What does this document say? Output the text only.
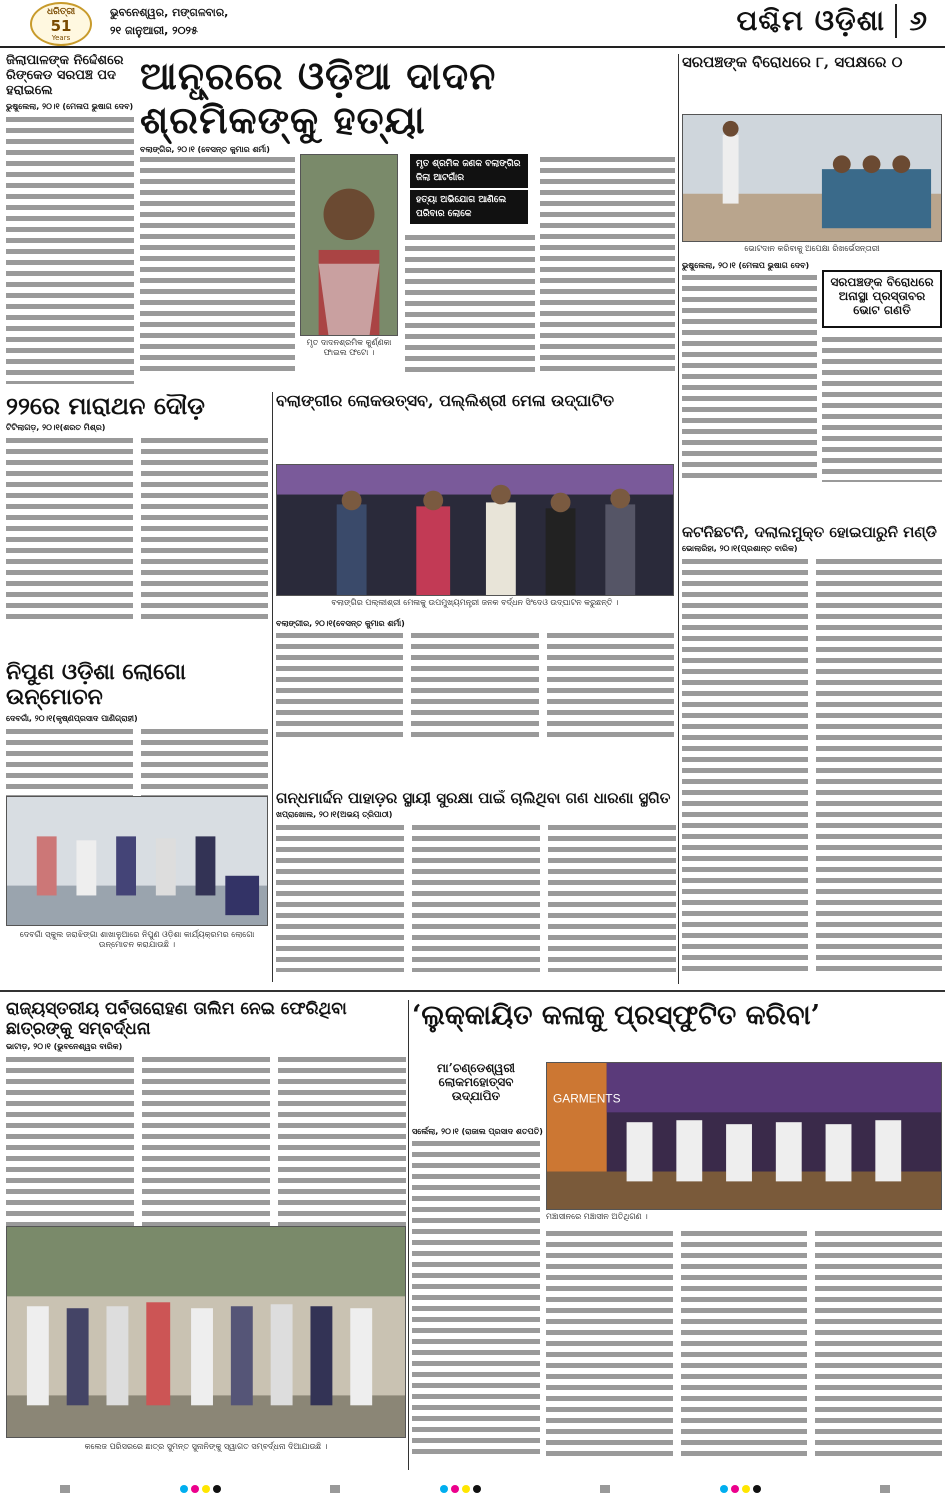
ଧରିତ୍ରୀ
51
Years
ଭୁବନେଶ୍ୱର, ମଙ୍ଗଳବାର,
୨୧ ଜାନୁଆରୀ, ୨୦୨୫	ପଶ୍ଚିମ ଓଡ଼ିଶା ୬
ଜିଲାପାଳଙ୍କ ନିର୍ଦ୍ଦେଶରେ ରିଙ୍କେଡ ସରପଞ୍ଚ ପଦ ହରାଇଲେ
ଭୁଷୁଲେଲା, ୨୦।୧ (ମେଳାପ ଭୁଷାଗ ଦେବ)
ଆନ୍ଧ୍ରରେ ଓଡ଼ିଆ ଦାଦନ ଶ୍ରମିକଙ୍କୁ ହତ୍ୟା
ବଲାଙ୍ଗିର, ୨୦।୧ (ବେସନ୍ତ କୁମାର ଶର୍ମା)
ମୃତ ଦାଦନଶ୍ରମିକ କୁର୍ଣ୍ଣକା ଫାଇଲ ଫଟୋ ।
ମୃତ ଶ୍ରମିକ ଜଣକ ବଲାଙ୍ଗିର ଜିଲା ଆଟଗାଁର
ହତ୍ୟା ଅଭିଯୋଗ ଆଣିଲେ ପରିବାର ଲୋକେ
ସରପଞ୍ଚଙ୍କ ବିରୋଧରେ ୮, ସପକ୍ଷରେ ୦
ଭୋଟଦାନ କରିବାକୁ ଅପେକ୍ଷା ରିଖର୍ଭେସନ୍ତାରୀ
ଭୁଷୁଲେଲା, ୨୦।୧ (ମେଳାପ ଭୁଷାଗ ଦେବ)
ସରପଞ୍ଚଙ୍କ ବିରୋଧରେ ଅନାସ୍ଥା ପ୍ରସ୍ତାବର ଭୋଟ ଗଣତି
୨୨ରେ ମାରାଥନ ଦୌଡ଼
ଟିଟିଲାଗଡ଼, ୨୦।୧(ଶରତ ମିଶ୍ର)
ବଲାଙ୍ଗୀର ଲୋକଉତ୍ସବ, ପଲ୍ଲିଶ୍ରୀ ମେଳା ଉଦ୍‌ଘାଟିତ
ବଲାଙ୍ଗିର ପଲ୍ଲୀଶ୍ରୀ ମେଳାକୁ ଉପମୁଖ୍ୟମନ୍ତ୍ରୀ ଜନକ ବର୍ଦ୍ଧନ ସିଂଦେଓ ଉଦ୍‌ଘାଟନ କରୁଛନ୍ତି ।
ବଲାଙ୍ଗୀର, ୨୦।୧(ବେସନ୍ତ କୁମାର ଶର୍ମା)
କଟନିଛଟନି, ଦଲାଲମୁକ୍ତ ହୋଇପାରୁନି ମଣ୍ଡି
ଭୋଲାରିହା, ୨୦।୧(ପ୍ରଶାନ୍ତ ବାରିକ)
ନିପୁଣ ଓଡ଼ିଶା ଲୋଗୋ ଉନ୍ମୋଚନ
ଦେବଗାଁ, ୨୦।୧(କୃଷ୍ଣପ୍ରସାଦ ପାଣିଗ୍ରାହୀ)
ଦେବଗାଁ ସ୍କୁଲ ଜରାଝିଙ୍ଗା ଶାଖାଳୁଆରେ ନିପୁଣ ଓଡ଼ିଶା କାର୍ଯ୍ୟକ୍ରମର ଲୋଗୋ ଉନ୍ମୋଚନ କରାଯାଉଛି ।
ଗନ୍ଧମାର୍ଦ୍ଦନ ପାହାଡ଼ର ସ୍ଥାୟୀ ସୁରକ୍ଷା ପାଇଁ ଚାଲିଥିବା ଗଣ ଧାରଣା ସ୍ଥଗିତ
ଖପ୍ରାଖୋଲ, ୨୦।୧(ଅଭୟ ତ୍ରିପାଠୀ)
ରାଜ୍ୟସ୍ତରୀୟ ପର୍ବତାରୋହଣ ତାଲିମ ନେଇ ଫେରିଥିବା ଛାତ୍ରଙ୍କୁ ସମ୍ବର୍ଦ୍ଧନା
ଭାଟାଡ଼, ୨୦।୧ (ଭୁବନେଶ୍ୱର ବାରିକ)
କଲେଜ ପରିସରରେ ଛାତ୍ର ସୁମନ୍ତ ସୁନାନିଙ୍କୁ ସ୍ୱାଗତ ସମ୍ବର୍ଦ୍ଧନା ଦିଆଯାଉଛି ।
‘ଲୁକ୍କାୟିତ କଳାକୁ ପ୍ରସ୍ଫୁଟିତ କରିବା’
ମା’ଚଣ୍ଡେଶ୍ୱରୀ
ଲୋକମହୋତ୍ସବ
ଉଦ୍‌ଯାପିତ
ସର୍ଲେଲା, ୨୦।୧ (ରାଜାଲ ପ୍ରସାଦ ଶତପତି)
GARMENTS
ମଞ୍ଚାସୀନରେ ମଞ୍ଚାସୀନ ଅତିଥିଗଣ ।
